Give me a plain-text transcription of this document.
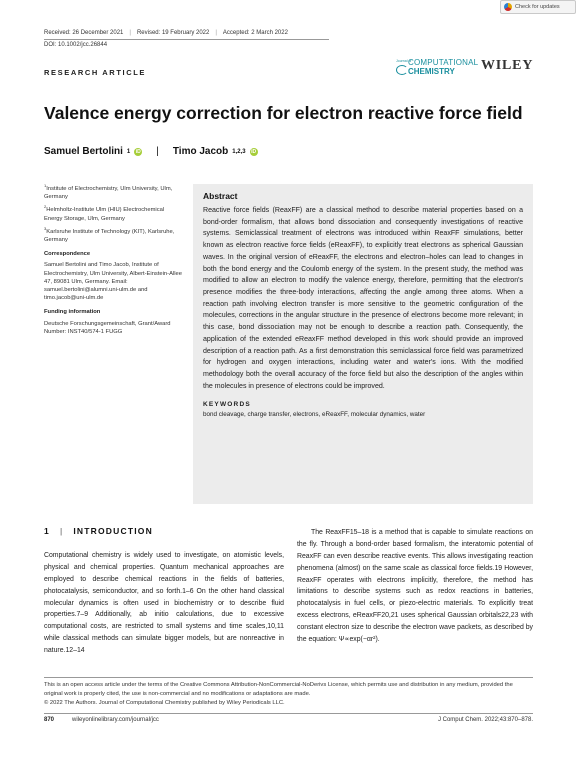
Check for updates
Received: 26 December 2021 | Revised: 19 February 2022 | Accepted: 2 March 2022
DOI: 10.1002/jcc.26844
RESEARCH ARTICLE
Journal of
COMPUTATIONAL
CHEMISTRY WILEY
Valence energy correction for electron reactive force field
Samuel Bertolini 1	iD | Timo Jacob 1,2,3	iD

$^1$Institute of Electrochemistry, Ulm University, Ulm, Germany

$^2$Helmholtz-Institute Ulm (HIU) Electrochemical Energy Storage, Ulm, Germany

$^3$Karlsruhe Institute of Technology (KIT), Karlsruhe, Germany

Correspondence

Samuel Bertolini and Timo Jacob, Institute of Electrochemistry, Ulm University, Albert-Einstein-Allee 47, 89081 Ulm, Germany. Email: samuel.bertolini@alumni.uni-ulm.de and timo.jacob@uni-ulm.de

Funding information

Deutsche Forschungsgemeinschaft, Grant/Award Number: INST40/574-1 FUGG

Abstract

Reactive force fields (ReaxFF) are a classical method to describe material properties based on a bond-order formalism, that allows bond dissociation and consequently investigations of reactive systems. Semiclassical treatment of electrons was introduced within ReaxFF simulations, better known as electron reactive force fields (eReaxFF), to explicitly treat electrons as spherical Gaussian waves. In the original version of eReaxFF, the electrons and electron–holes can lead to changes in both the bond energy and the Coulomb energy of the system. In the present study, the method was modified to allow an electron to modify the valence energy, therefore, permitting that the electron's presence modifies the three-body interactions, affecting the angle among three atoms. When a reaction path involving electron transfer is more sensitive to the geometric configuration of the molecules, corrections in the angular structure in the presence of electrons become more relevant; in this case, bond dissociation may not be enough to describe a reaction path. Consequently, the application of the extended eReaxFF method developed in this work should provide an improved description of a reaction path. As a first demonstration this semiclassical force field was parametrized for hydrogen and oxygen interactions, including water and water's ions. With the modified methodology both the overall accuracy of the force field but also the description of the angles within the molecules in presence of electrons could be improved.

KEYWORDS
bond cleavage, charge transfer, electrons, eReaxFF, molecular dynamics, water
1 | INTRODUCTION

Computational chemistry is widely used to investigate, on atomistic levels, physical and chemical properties. Quantum mechanical approaches are employed to describe chemical reactions in the fields of batteries, photocatalysis, semiconductor, and so forth.1–6 On the other hand classical molecular dynamics is often used in biochemistry or to describe fluid properties.7–9 Additionally, ab initio calculations, due to excessive computational costs, are restricted to small systems and time scales,10,11 while classical methods can simulate bigger models, but are nonreactive in nature.12–14

The ReaxFF15–18 is a method that is capable to simulate reactions on the fly. Through a bond-order based formalism, the interatomic potential of ReaxFF can even describe reactive events. This allows investigating reaction phenomena (almost) on the same scale as classical force fields.19 However, ReaxFF operates with electrons implicitly, therefore, the method has limitations to describe systems such as redox reactions in batteries, photocatalysis in fuel cells, or piezo-electric materials. To explicitly treat excess electrons, eReaxFF20,21 uses spherical Gaussian orbitals22,23 with constant electron size to describe the electron wave packets, as described by the equation: Ψ∝exp(−αr²).

This is an open access article under the terms of the Creative Commons Attribution-NonCommercial-NoDerivs License, which permits use and distribution in any medium, provided the original work is properly cited, the use is non-commercial and no modifications or adaptations are made.

© 2022 The Authors. Journal of Computational Chemistry published by Wiley Periodicals LLC.

870	wileyonlinelibrary.com/journal/jcc	J Comput Chem. 2022;43:870–878.
